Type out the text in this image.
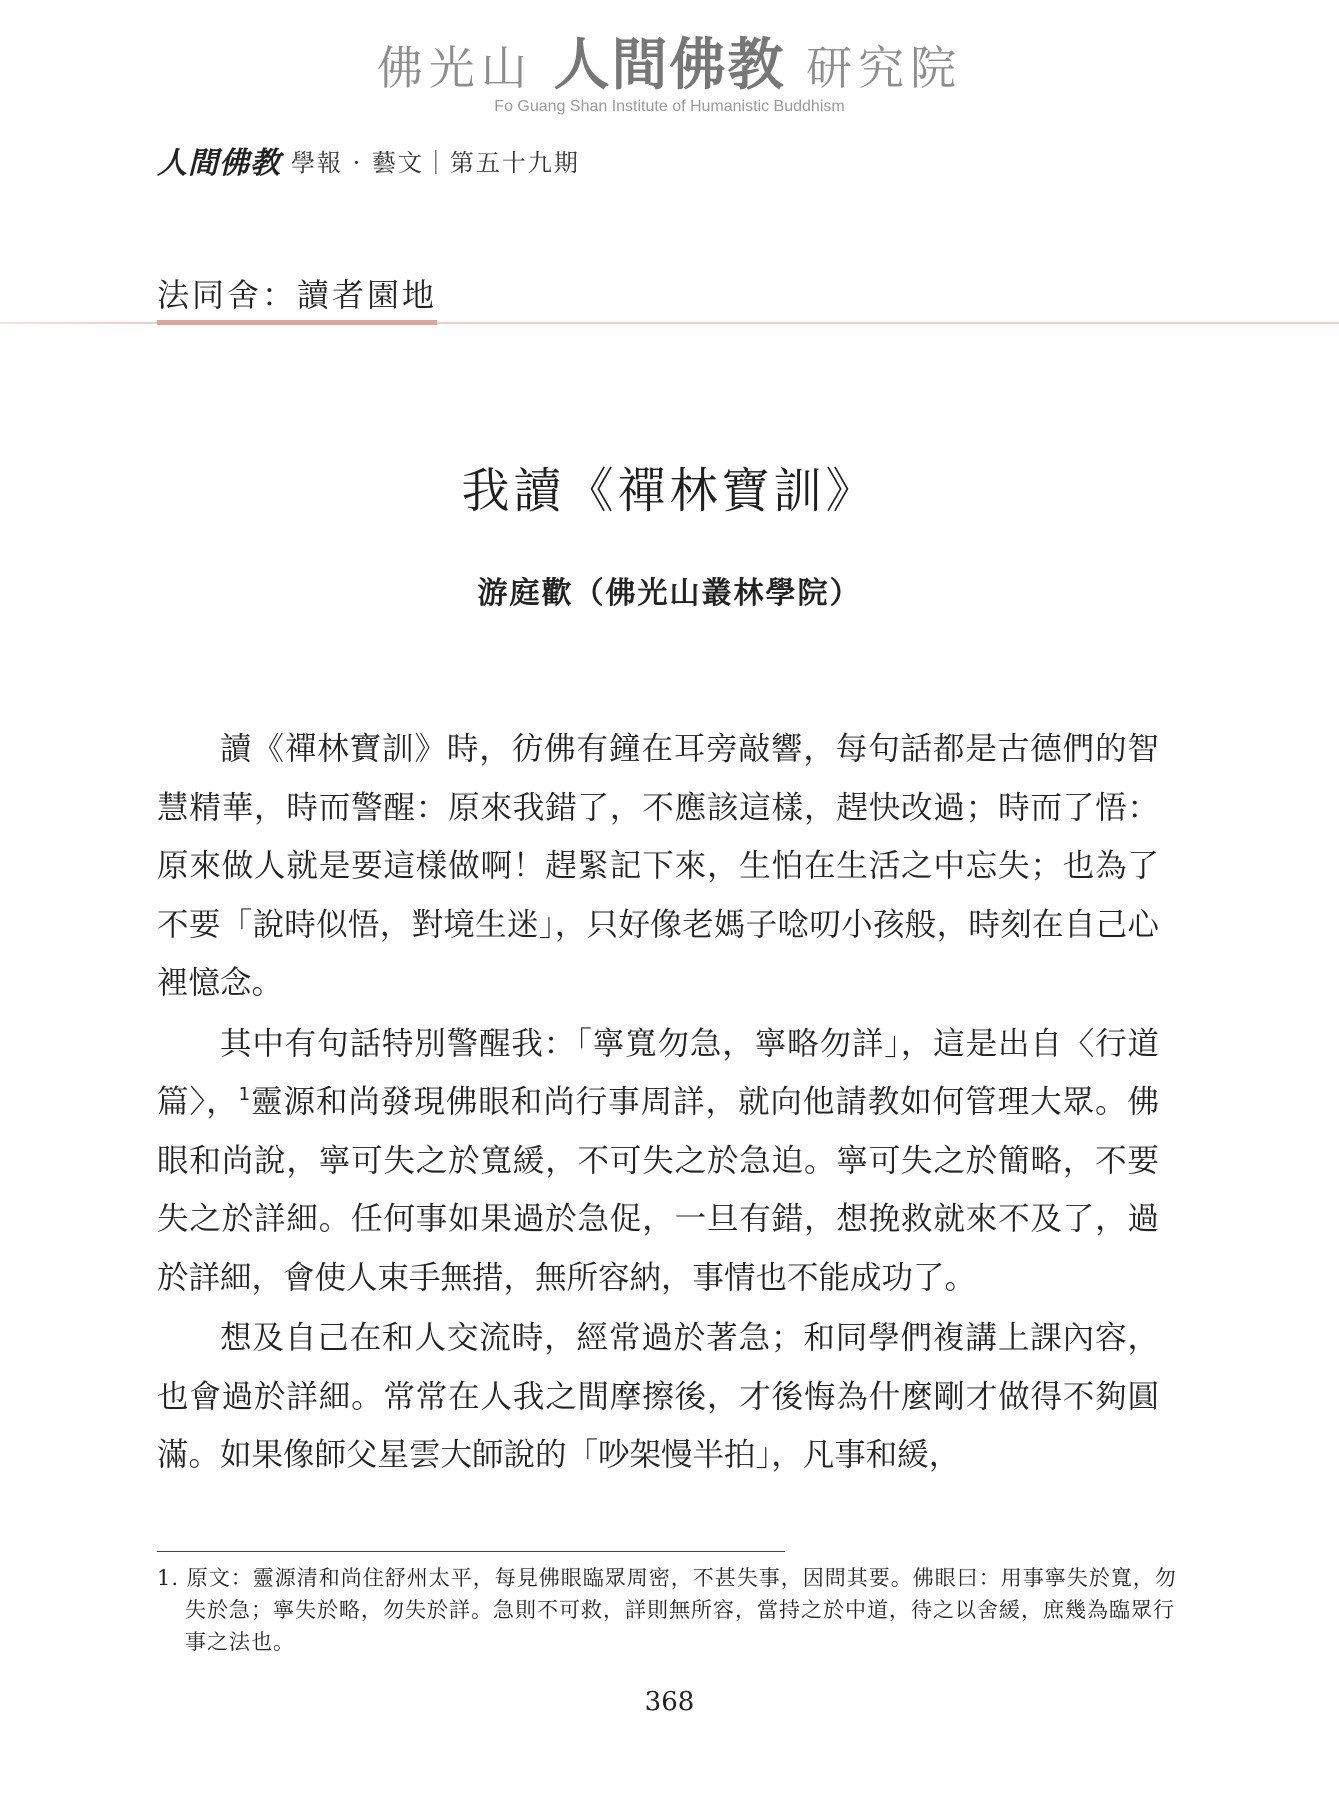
佛光山 人間佛教 研究院
Fo Guang Shan Institute of Humanistic Buddhism
人間佛教 學報 · 藝文｜第五十九期
法同舍：讀者園地
我讀《禪林寶訓》
游庭歡（佛光山叢林學院）

讀《禪林寶訓》時，彷佛有鐘在耳旁敲響，每句話都是古德們的智慧精華，時而警醒：原來我錯了，不應該這樣，趕快改過；時而了悟：原來做人就是要這樣做啊！趕緊記下來，生怕在生活之中忘失；也為了不要「說時似悟，對境生迷」，只好像老媽子唸叨小孩般，時刻在自己心裡憶念。

其中有句話特別警醒我：「寧寬勿急，寧略勿詳」，這是出自〈行道篇〉，$^1$靈源和尚發現佛眼和尚行事周詳，就向他請教如何管理大眾。佛眼和尚說，寧可失之於寬緩，不可失之於急迫。寧可失之於簡略，不要失之於詳細。任何事如果過於急促，一旦有錯，想挽救就來不及了，過於詳細，會使人束手無措，無所容納，事情也不能成功了。

想及自己在和人交流時，經常過於著急；和同學們複講上課內容，也會過於詳細。常常在人我之間摩擦後，才後悔為什麼剛才做得不夠圓滿。如果像師父星雲大師說的「吵架慢半拍」，凡事和緩，

1. 原文：靈源清和尚住舒州太平，每見佛眼臨眾周密，不甚失事，因問其要。佛眼曰：用事寧失於寬，勿失於急；寧失於略，勿失於詳。急則不可救，詳則無所容，當持之於中道，待之以舍緩，庶幾為臨眾行事之法也。
368
